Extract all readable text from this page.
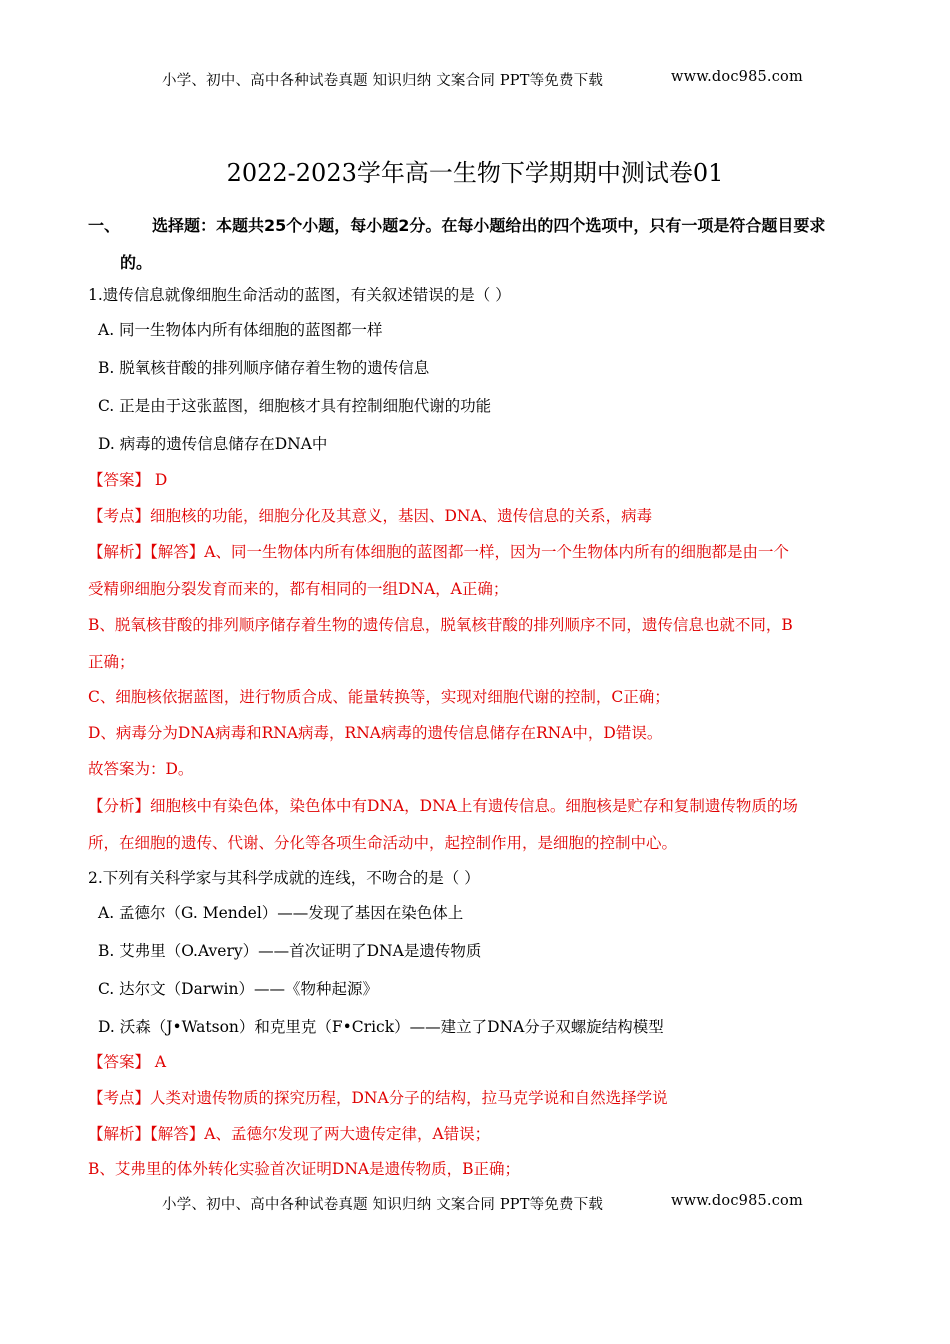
小学、初中、高中各种试卷真题 知识归纳 文案合同 PPT等免费下载	www.doc985.com
2022-2023学年高一生物下学期期中测试卷01
一、 选择题：本题共25个小题，每小题2分。在每小题给出的四个选项中，只有一项是符合题目要求
的。
1.遗传信息就像细胞生命活动的蓝图，有关叙述错误的是（ ）
A. 同一生物体内所有体细胞的蓝图都一样
B. 脱氧核苷酸的排列顺序储存着生物的遗传信息
C. 正是由于这张蓝图，细胞核才具有控制细胞代谢的功能
D. 病毒的遗传信息储存在DNA中
【答案】 D
【考点】细胞核的功能，细胞分化及其意义，基因、DNA、遗传信息的关系，病毒
【解析】【解答】A、同一生物体内所有体细胞的蓝图都一样，因为一个生物体内所有的细胞都是由一个
受精卵细胞分裂发育而来的，都有相同的一组DNA，A正确；
B、脱氧核苷酸的排列顺序储存着生物的遗传信息，脱氧核苷酸的排列顺序不同，遗传信息也就不同，B
正确；
C、细胞核依据蓝图，进行物质合成、能量转换等，实现对细胞代谢的控制，C正确；
D、病毒分为DNA病毒和RNA病毒，RNA病毒的遗传信息储存在RNA中，D错误。
故答案为：D。
【分析】细胞核中有染色体，染色体中有DNA，DNA上有遗传信息。细胞核是贮存和复制遗传物质的场
所，在细胞的遗传、代谢、分化等各项生命活动中，起控制作用，是细胞的控制中心。
2.下列有关科学家与其科学成就的连线，不吻合的是（ ）
A. 孟德尔（G. Mendel）——发现了基因在染色体上
B. 艾弗里（O.Avery）——首次证明了DNA是遗传物质
C. 达尔文（Darwin）——《物种起源》
D. 沃森（J•Watson）和克里克（F•Crick）——建立了DNA分子双螺旋结构模型
【答案】 A
【考点】人类对遗传物质的探究历程，DNA分子的结构，拉马克学说和自然选择学说
【解析】【解答】A、孟德尔发现了两大遗传定律，A错误；
B、艾弗里的体外转化实验首次证明DNA是遗传物质，B正确；
小学、初中、高中各种试卷真题 知识归纳 文案合同 PPT等免费下载	www.doc985.com
